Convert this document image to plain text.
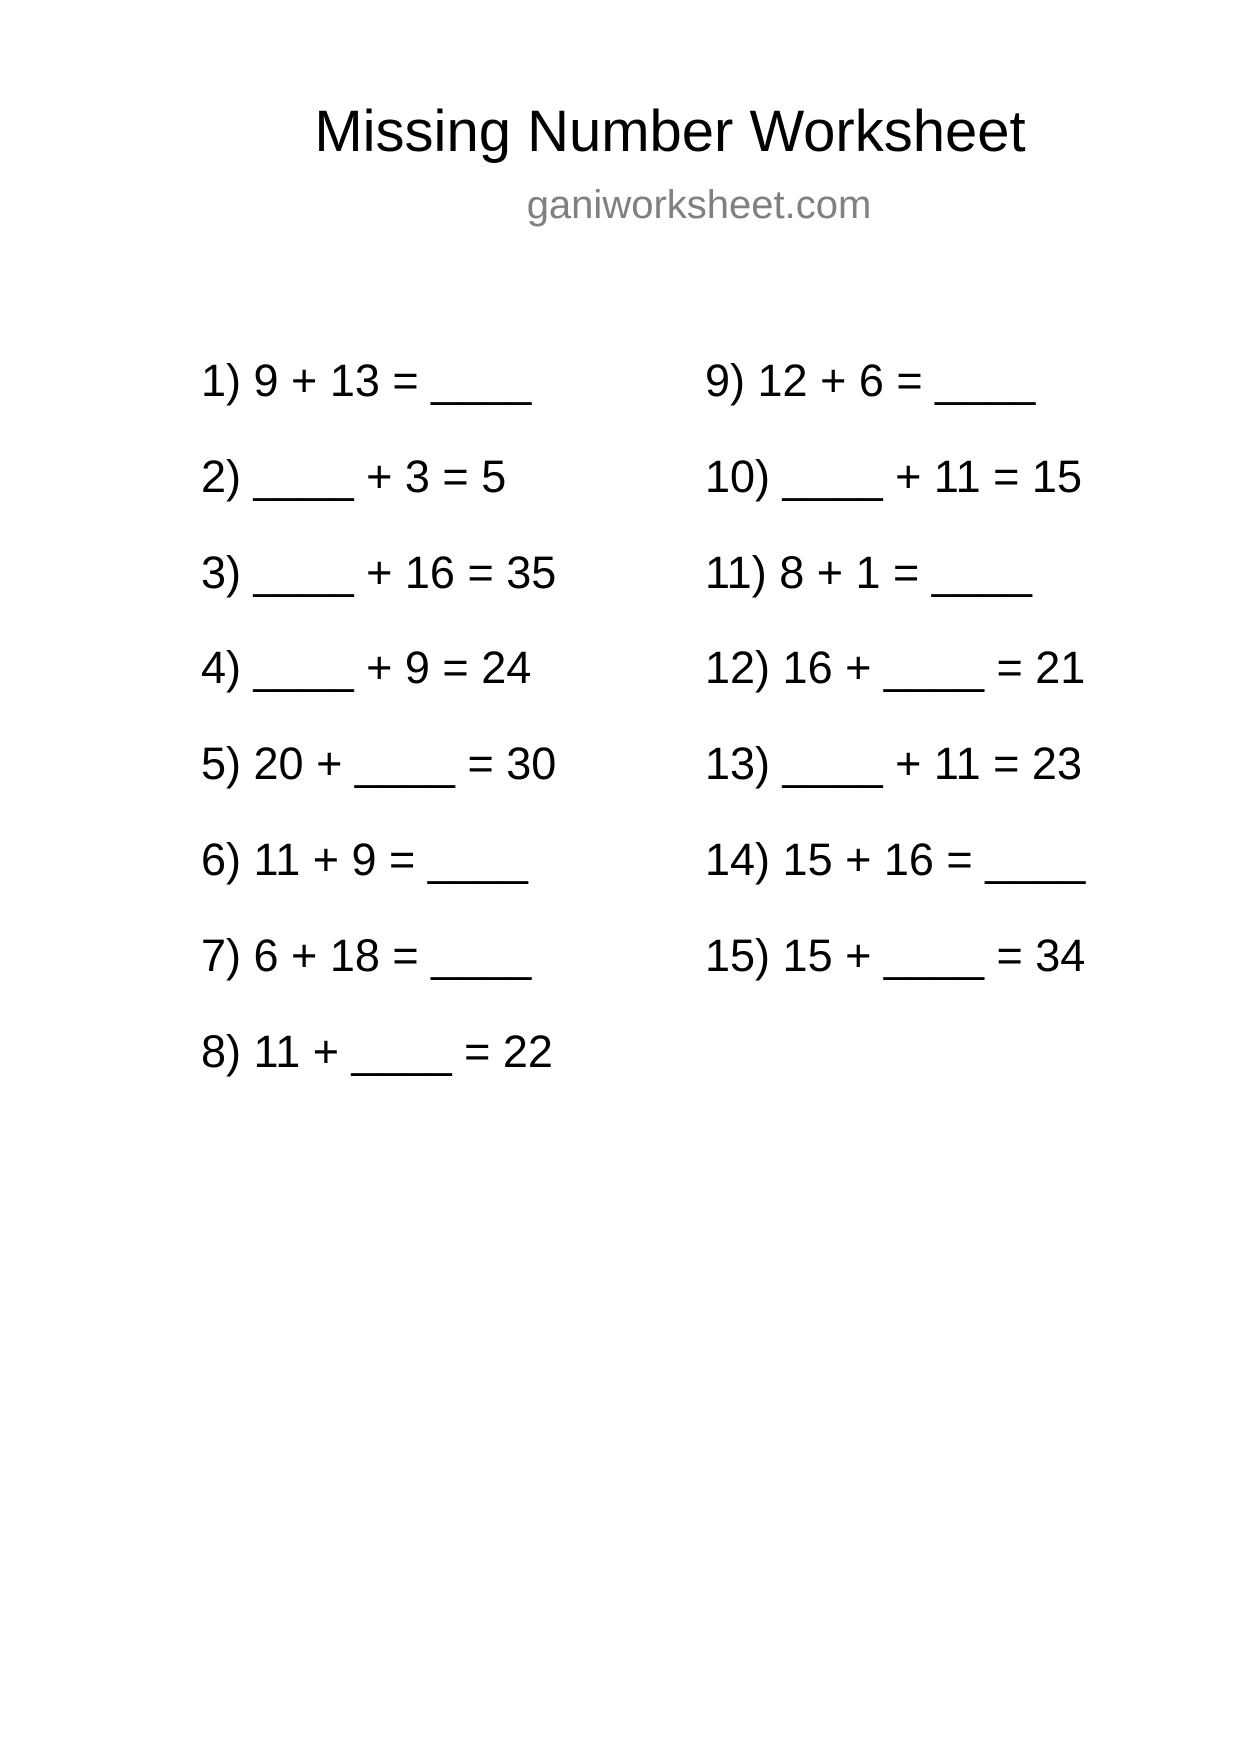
Missing Number Worksheet
ganiworksheet.com
1) 9 + 13 = ____
2) ____ + 3 = 5
3) ____ + 16 = 35
4) ____ + 9 = 24
5) 20 + ____ = 30
6) 11 + 9 = ____
7) 6 + 18 = ____
8) 11 + ____ = 22
9) 12 + 6 = ____
10) ____ + 11 = 15
11) 8 + 1 = ____
12) 16 + ____ = 21
13) ____ + 11 = 23
14) 15 + 16 = ____
15) 15 + ____ = 34
